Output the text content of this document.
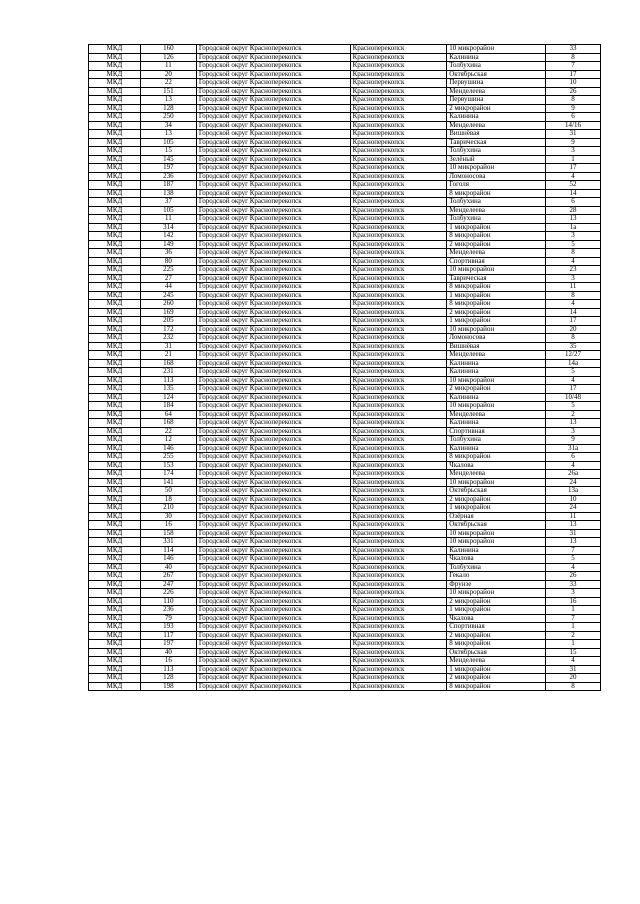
МКД	160	Городской округ Красноперекопск	Красноперекопск	10 микрорайон	33
МКД	126	Городской округ Красноперекопск	Красноперекопск	Калинина	8
МКД	11	Городской округ Красноперекопск	Красноперекопск	Толбухина	7
МКД	20	Городской округ Красноперекопск	Красноперекопск	Октябрьская	17
МКД	22	Городской округ Красноперекопск	Красноперекопск	Первушина	10
МКД	151	Городской округ Красноперекопск	Красноперекопск	Менделеева	26
МКД	13	Городской округ Красноперекопск	Красноперекопск	Первушина	8
МКД	128	Городской округ Красноперекопск	Красноперекопск	2 микрорайон	9
МКД	250	Городской округ Красноперекопск	Красноперекопск	Калинина	6
МКД	34	Городской округ Красноперекопск	Красноперекопск	Менделеева	14/16
МКД	13	Городской округ Красноперекопск	Красноперекопск	Вишнёвая	31
МКД	105	Городской округ Красноперекопск	Красноперекопск	Таврическая	9
МКД	15	Городской округ Красноперекопск	Красноперекопск	Толбухина	3
МКД	145	Городской округ Красноперекопск	Красноперекопск	Зелёный	1
МКД	197	Городской округ Красноперекопск	Красноперекопск	10 микрорайон	17
МКД	236	Городской округ Красноперекопск	Красноперекопск	Ломоносова	4
МКД	187	Городской округ Красноперекопск	Красноперекопск	Гоголя	52
МКД	138	Городской округ Красноперекопск	Красноперекопск	8 микрорайон	14
МКД	37	Городской округ Красноперекопск	Красноперекопск	Толбухина	6
МКД	105	Городской округ Красноперекопск	Красноперекопск	Менделеева	28
МКД	11	Городской округ Красноперекопск	Красноперекопск	Толбухина	13
МКД	314	Городской округ Красноперекопск	Красноперекопск	1 микрорайон	1а
МКД	142	Городской округ Красноперекопск	Красноперекопск	8 микрорайон	3
МКД	149	Городской округ Красноперекопск	Красноперекопск	2 микрорайон	5
МКД	36	Городской округ Красноперекопск	Красноперекопск	Менделеева	8
МКД	80	Городской округ Красноперекопск	Красноперекопск	Спортивная	4
МКД	225	Городской округ Красноперекопск	Красноперекопск	10 микрорайон	23
МКД	27	Городской округ Красноперекопск	Красноперекопск	Таврическая	3
МКД	44	Городской округ Красноперекопск	Красноперекопск	8 микрорайон	11
МКД	245	Городской округ Красноперекопск	Красноперекопск	1 микрорайон	8
МКД	260	Городской округ Красноперекопск	Красноперекопск	8 микрорайон	4
МКД	169	Городской округ Красноперекопск	Красноперекопск	2 микрорайон	14
МКД	205	Городской округ Красноперекопск	Красноперекопск	1 микрорайон	17
МКД	172	Городской округ Красноперекопск	Красноперекопск	10 микрорайон	20
МКД	232	Городской округ Красноперекопск	Красноперекопск	Ломоносова	8
МКД	31	Городской округ Красноперекопск	Красноперекопск	Вишнёвая	35
МКД	21	Городской округ Красноперекопск	Красноперекопск	Менделеева	12/27
МКД	168	Городской округ Красноперекопск	Красноперекопск	Калинина	14а
МКД	231	Городской округ Красноперекопск	Красноперекопск	Калинина	5
МКД	113	Городской округ Красноперекопск	Красноперекопск	10 микрорайон	4
МКД	135	Городской округ Красноперекопск	Красноперекопск	2 микрорайон	17
МКД	124	Городской округ Красноперекопск	Красноперекопск	Калинина	10/48
МКД	184	Городской округ Красноперекопск	Красноперекопск	10 микрорайон	5
МКД	64	Городской округ Красноперекопск	Красноперекопск	Менделеева	2
МКД	168	Городской округ Красноперекопск	Красноперекопск	Калинина	13
МКД	22	Городской округ Красноперекопск	Красноперекопск	Спортивная	3
МКД	12	Городской округ Красноперекопск	Красноперекопск	Толбухина	9
МКД	146	Городской округ Красноперекопск	Красноперекопск	Калинина	31а
МКД	255	Городской округ Красноперекопск	Красноперекопск	8 микрорайон	6
МКД	153	Городской округ Красноперекопск	Красноперекопск	Чкалова	4
МКД	174	Городской округ Красноперекопск	Красноперекопск	Менделеева	26а
МКД	141	Городской округ Красноперекопск	Красноперекопск	10 микрорайон	24
МКД	50	Городской округ Красноперекопск	Красноперекопск	Октябрьская	13а
МКД	18	Городской округ Красноперекопск	Красноперекопск	2 микрорайон	10
МКД	210	Городской округ Красноперекопск	Красноперекопск	1 микрорайон	24
МКД	30	Городской округ Красноперекопск	Красноперекопск	Озёрная	11
МКД	16	Городской округ Красноперекопск	Красноперекопск	Октябрьская	13
МКД	158	Городской округ Красноперекопск	Красноперекопск	10 микрорайон	31
МКД	331	Городской округ Красноперекопск	Красноперекопск	10 микрорайон	13
МКД	114	Городской округ Красноперекопск	Красноперекопск	Калинина	7
МКД	146	Городской округ Красноперекопск	Красноперекопск	Чкалова	5
МКД	40	Городской округ Красноперекопск	Красноперекопск	Толбухина	4
МКД	267	Городской округ Красноперекопск	Красноперекопск	Гекало	26
МКД	247	Городской округ Красноперекопск	Красноперекопск	Фрунзе	33
МКД	226	Городской округ Красноперекопск	Красноперекопск	10 микрорайон	3
МКД	110	Городской округ Красноперекопск	Красноперекопск	2 микрорайон	16
МКД	236	Городской округ Красноперекопск	Красноперекопск	1 микрорайон	1
МКД	79	Городской округ Красноперекопск	Красноперекопск	Чкалова	7
МКД	193	Городской округ Красноперекопск	Красноперекопск	Спортивная	1
МКД	117	Городской округ Красноперекопск	Красноперекопск	2 микрорайон	2
МКД	197	Городской округ Красноперекопск	Красноперекопск	8 микрорайон	1
МКД	40	Городской округ Красноперекопск	Красноперекопск	Октябрьская	15
МКД	16	Городской округ Красноперекопск	Красноперекопск	Менделеева	4
МКД	113	Городской округ Красноперекопск	Красноперекопск	1 микрорайон	31
МКД	128	Городской округ Красноперекопск	Красноперекопск	2 микрорайон	20
МКД	198	Городской округ Красноперекопск	Красноперекопск	8 микрорайон	8
